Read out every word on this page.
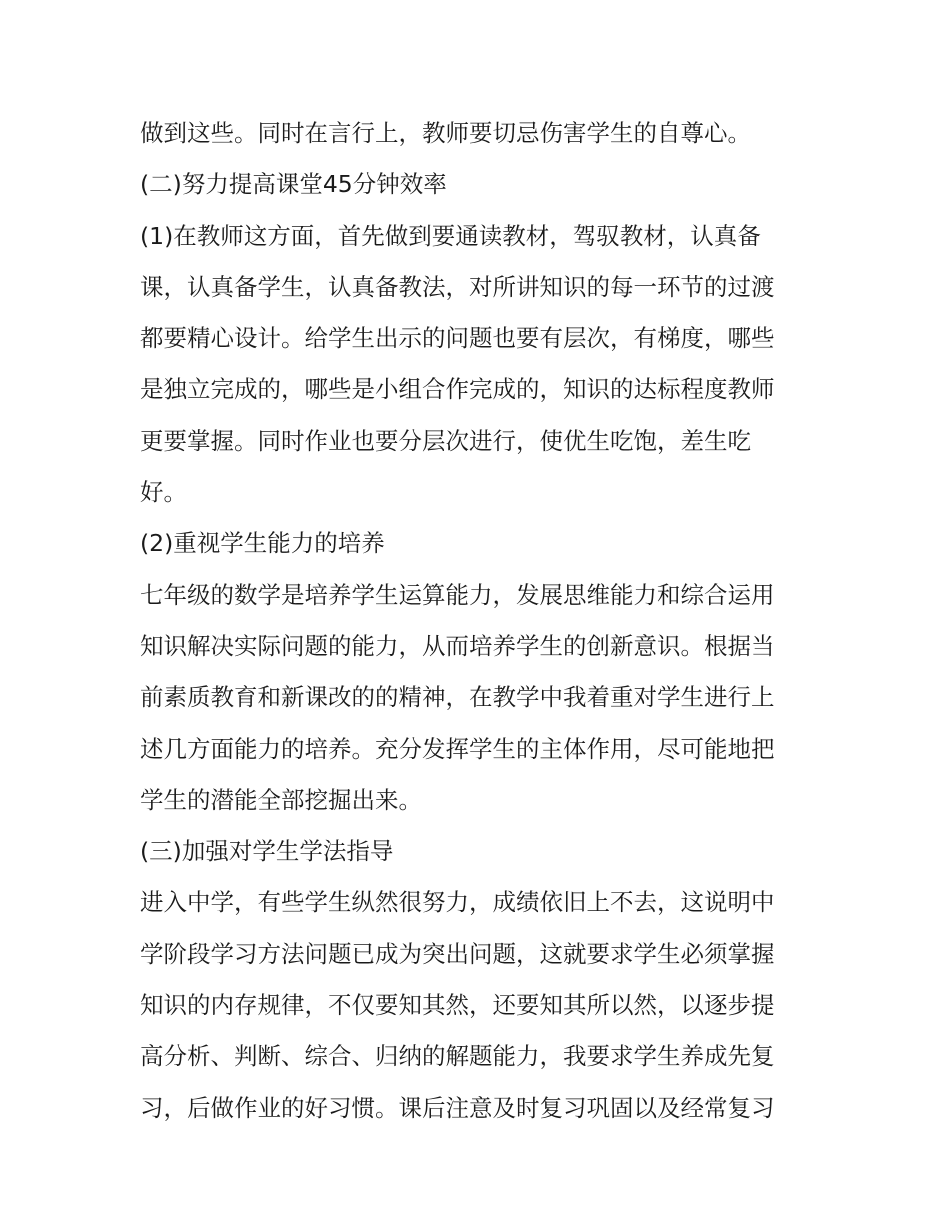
做到这些。同时在言行上，教师要切忌伤害学生的自尊心。
(二)努力提高课堂45分钟效率
(1)在教师这方面，首先做到要通读教材，驾驭教材，认真备
课，认真备学生，认真备教法，对所讲知识的每一环节的过渡
都要精心设计。给学生出示的问题也要有层次，有梯度，哪些
是独立完成的，哪些是小组合作完成的，知识的达标程度教师
更要掌握。同时作业也要分层次进行，使优生吃饱，差生吃
好。
(2)重视学生能力的培养
七年级的数学是培养学生运算能力，发展思维能力和综合运用
知识解决实际问题的能力，从而培养学生的创新意识。根据当
前素质教育和新课改的的精神，在教学中我着重对学生进行上
述几方面能力的培养。充分发挥学生的主体作用，尽可能地把
学生的潜能全部挖掘出来。
(三)加强对学生学法指导
进入中学，有些学生纵然很努力，成绩依旧上不去，这说明中
学阶段学习方法问题已成为突出问题，这就要求学生必须掌握
知识的内存规律，不仅要知其然，还要知其所以然，以逐步提
高分析、判断、综合、归纳的解题能力，我要求学生养成先复
习，后做作业的好习惯。课后注意及时复习巩固以及经常复习
